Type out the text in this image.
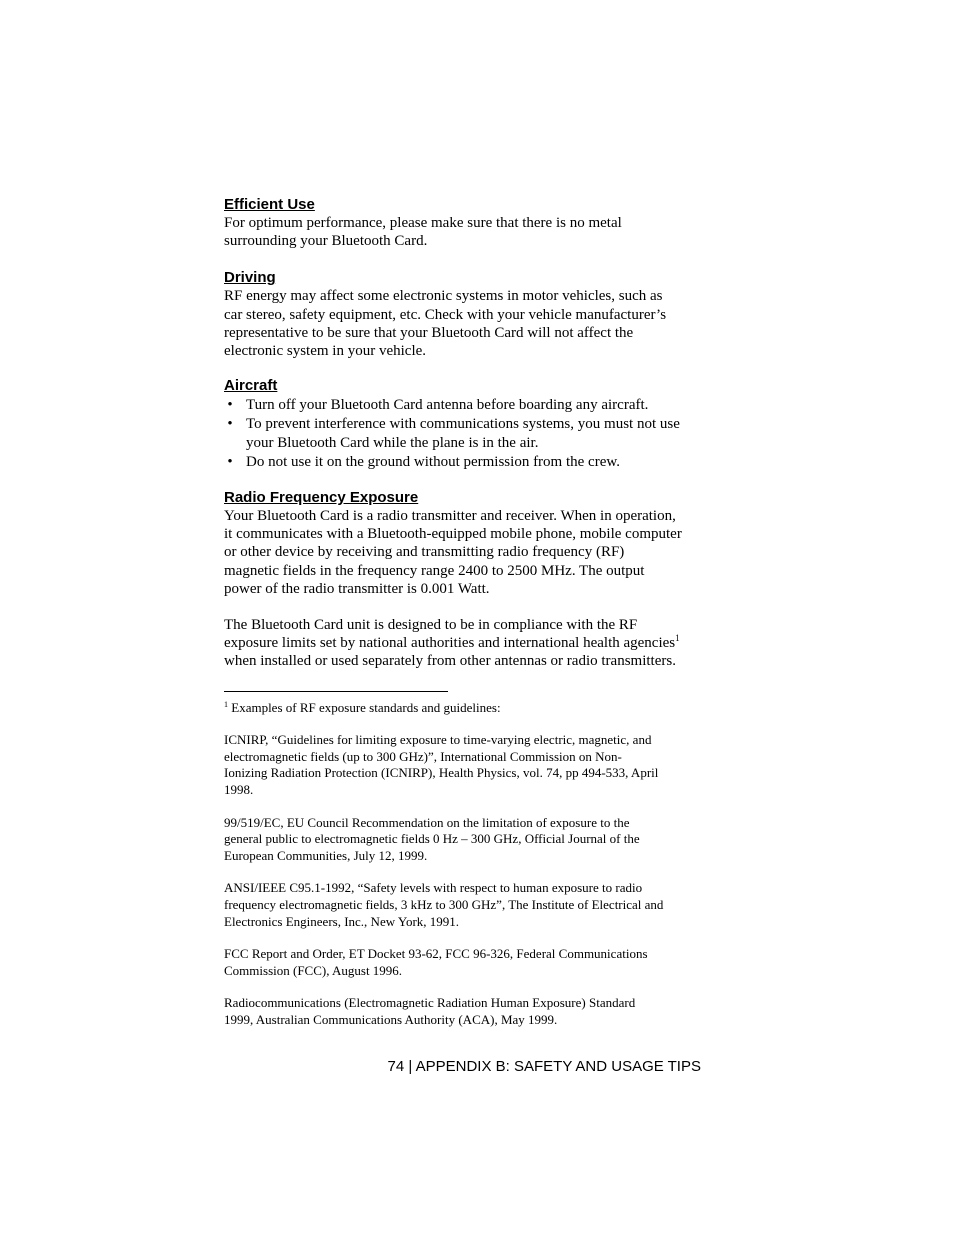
Efficient Use

For optimum performance, please make sure that there is no metal
surrounding your Bluetooth Card.

Driving

RF energy may affect some electronic systems in motor vehicles, such as
car stereo, safety equipment, etc. Check with your vehicle manufacturer’s
representative to be sure that your Bluetooth Card will not affect the
electronic system in your vehicle.

Aircraft

• Turn off your Bluetooth Card antenna before boarding any aircraft.
• To prevent interference with communications systems, you must not use
your Bluetooth Card while the plane is in the air.
• Do not use it on the ground without permission from the crew.

Radio Frequency Exposure

Your Bluetooth Card is a radio transmitter and receiver. When in operation,
it communicates with a Bluetooth-equipped mobile phone, mobile computer
or other device by receiving and transmitting radio frequency (RF)
magnetic fields in the frequency range 2400 to 2500 MHz. The output
power of the radio transmitter is 0.001 Watt.

The Bluetooth Card unit is designed to be in compliance with the RF
exposure limits set by national authorities and international health agencies$^1$
when installed or used separately from other antennas or radio transmitters.

$^1$ Examples of RF exposure standards and guidelines:

ICNIRP, “Guidelines for limiting exposure to time-varying electric, magnetic, and
electromagnetic fields (up to 300 GHz)”, International Commission on Non-
Ionizing Radiation Protection (ICNIRP), Health Physics, vol. 74, pp 494-533, April
1998.

99/519/EC, EU Council Recommendation on the limitation of exposure to the
general public to electromagnetic fields 0 Hz – 300 GHz, Official Journal of the
European Communities, July 12, 1999.

ANSI/IEEE C95.1-1992, “Safety levels with respect to human exposure to radio
frequency electromagnetic fields, 3 kHz to 300 GHz”, The Institute of Electrical and
Electronics Engineers, Inc., New York, 1991.

FCC Report and Order, ET Docket 93-62, FCC 96-326, Federal Communications
Commission (FCC), August 1996.

Radiocommunications (Electromagnetic Radiation Human Exposure) Standard
1999, Australian Communications Authority (ACA), May 1999.

74 | APPENDIX B: SAFETY AND USAGE TIPS
